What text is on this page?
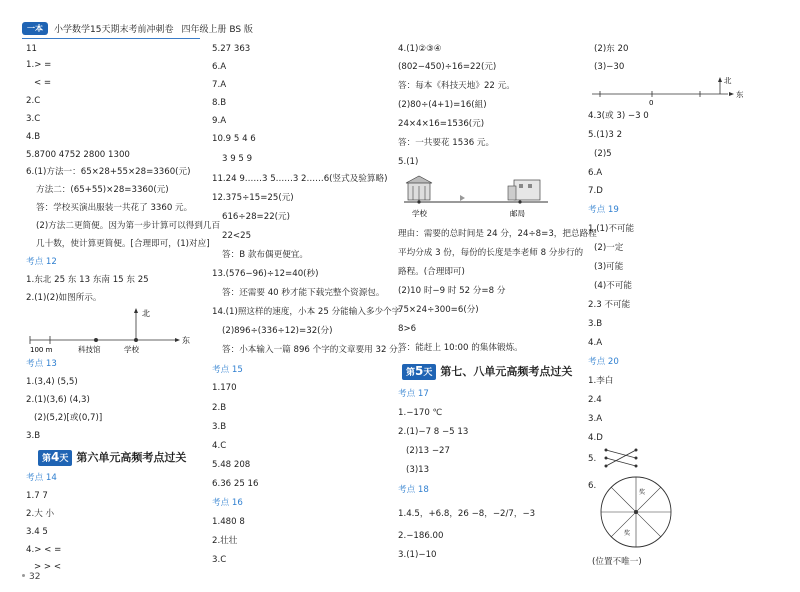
一本	小学数学15天期末考前冲刺卷 四年级上册 BS 版
11
1.> =
< =
2.C
3.C
4.B
5.8700 4752 2800 1300
6.(1)方法一：65×28+55×28=3360(元)
方法二：(65+55)×28=3360(元)
答：学校买演出服装一共花了 3360 元。
(2)方法二更简便。因为第一步计算可以得到几百
几十数，使计算更简便。[合理即可，(1)对应]
考点 12
1.东北 25 东 13 东南 15 东 25
2.(1)(2)如图所示。
北
东
科技馆	学校
100 m
考点 13
1.(3,4) (5,5)
2.(1)(3,6) (4,3)
(2)(5,2)[或(0,7)]
3.B
第4天 第六单元高频考点过关
考点 14
1.7 7
2.大 小
3.4 5
4.> < =
> > <
5.27 363
6.A
7.A
8.B
9.A
10.9 5 4 6
3 9 5 9
11.24 9……3 5……3 2……6(竖式及验算略)
12.375÷15=25(元)
616÷28=22(元)
22<25
答：B 款布偶更便宜。
13.(576−96)÷12=40(秒)
答：还需要 40 秒才能下载完整个资源包。
14.(1)照这样的速度，小本 25 分能输入多少个字
(2)896÷(336÷12)=32(分)
答：小本输入一篇 896 个字的文章要用 32 分。
考点 15
1.170
2.B
3.B
4.C
5.48 208
6.36 25 16
考点 16
1.480 8
2.壮壮
3.C
4.(1)②③④
(802−450)÷16=22(元)
答：每本《科技天地》22 元。
(2)80÷(4+1)=16(組)
24×4×16=1536(元)
答：一共要花 1536 元。
5.(1)
学校	邮局
理由：需要的总时间是 24 分，24÷8=3，把总路程
平均分成 3 份，每份的长度是李老师 8 分步行的
路程。(合理即可)
(2)10 时−9 时 52 分=8 分
75×24÷300=6(分)
8>6
答：能赶上 10:00 的集体锻炼。
第5天 第七、八单元高频考点过关
考点 17
1.−170 ℃
2.(1)−7 8 −5 13
(2)13 −27
(3)13
考点 18
1.4.5，+6.8，26 −8，−2/7，−3
2.−186.00
3.(1)−10
(2)东 20
(3)−30
北
东
0
4.3(或 3) −3 0
5.(1)3 2
(2)5
6.A
7.D
考点 19
1.(1)不可能
(2)一定
(3)可能
(4)不可能
2.3 不可能
3.B
4.A
考点 20
1.李白
2.4
3.A
4.D
5.
6.
奖
奖
(位置不唯一)
32
